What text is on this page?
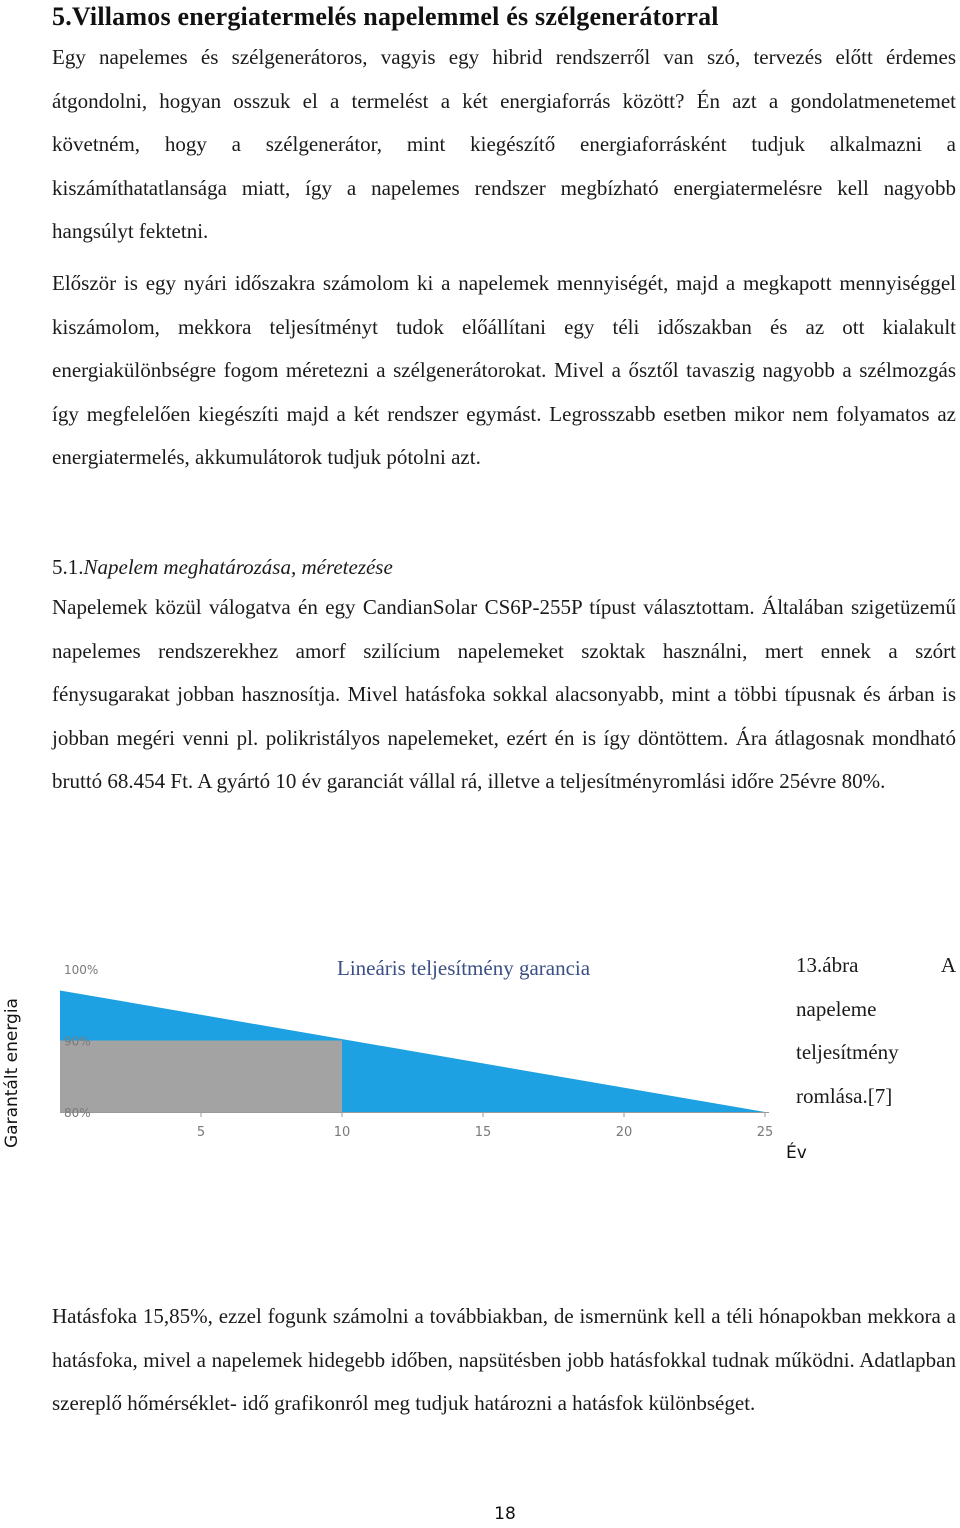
5.Villamos energiatermelés napelemmel és szélgenerátorral

Egy napelemes és szélgenerátoros, vagyis egy hibrid rendszerről van szó, tervezés előtt érdemes átgondolni, hogyan osszuk el a termelést a két energiaforrás között? Én azt a gondolatmenetemet követném, hogy a szélgenerátor, mint kiegészítő energiaforrásként tudjuk alkalmazni a kiszámíthatatlansága miatt, így a napelemes rendszer megbízható energiatermelésre kell nagyobb hangsúlyt fektetni.

Először is egy nyári időszakra számolom ki a napelemek mennyiségét, majd a megkapott mennyiséggel kiszámolom, mekkora teljesítményt tudok előállítani egy téli időszakban és az ott kialakult energiakülönbségre fogom méretezni a szélgenerátorokat. Mivel a ősztől tavaszig nagyobb a szélmozgás így megfelelően kiegészíti majd a két rendszer egymást. Legrosszabb esetben mikor nem folyamatos az energiatermelés, akkumulátorok tudjuk pótolni azt.

5.1.Napelem meghatározása, méretezése

Napelemek közül válogatva én egy CandianSolar CS6P-255P típust választottam. Általában szigetüzemű napelemes rendszerekhez amorf szilícium napelemeket szoktak használni, mert ennek a szórt fénysugarakat jobban hasznosítja. Mivel hatásfoka sokkal alacsonyabb, mint a többi típusnak és árban is jobban megéri venni pl. polikristályos napelemeket, ezért én is így döntöttem. Ára átlagosnak mondható bruttó 68.454 Ft. A gyártó 10 év garanciát vállal rá, illetve a teljesítményromlási időre 25évre 80%.

Garantált energia
100%
90%
80%
5	10	15	20	25
Lineáris teljesítmény garancia
Év

13.ábra A napeleme teljesítmény romlása.[7]

Hatásfoka 15,85%, ezzel fogunk számolni a továbbiakban, de ismernünk kell a téli hónapokban mekkora a hatásfoka, mivel a napelemek hidegebb időben, napsütésben jobb hatásfokkal tudnak működni. Adatlapban szereplő hőmérséklet- idő grafikonról meg tudjuk határozni a hatásfok különbséget.

18
